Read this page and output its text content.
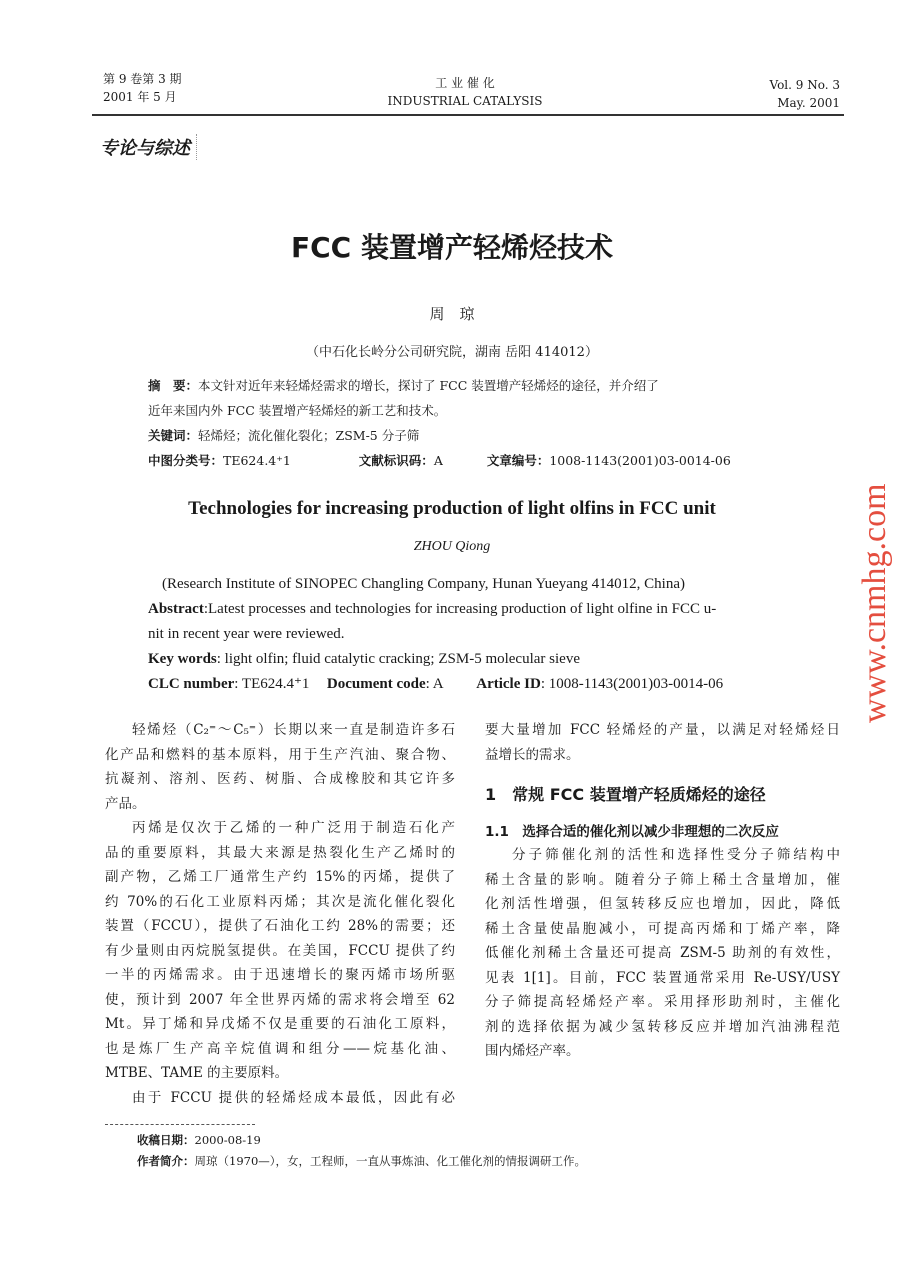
第 9 卷第 3 期
2001 年 5 月
工 业 催 化
INDUSTRIAL CATALYSIS
Vol. 9 No. 3
May. 2001
专论与综述
FCC 装置增产轻烯烃技术
周　琼
（中石化长岭分公司研究院，湖南 岳阳 414012）
摘　要：本文针对近年来轻烯烃需求的增长，探讨了 FCC 装置增产轻烯烃的途径，并介绍了
近年来国内外 FCC 装置增产轻烯烃的新工艺和技术。
关键词：轻烯烃；流化催化裂化；ZSM-5 分子筛
中图分类号：TE624.4⁺1	文献标识码：A	文章编号：1008-1143(2001)03-0014-06
Technologies for increasing production of light olfins in FCC unit
ZHOU Qiong
(Research Institute of SINOPEC Changling Company, Hunan Yueyang 414012, China)
Abstract:Latest processes and technologies for increasing production of light olfine in FCC u-
nit in recent year were reviewed.
Key words: light olfin; fluid catalytic cracking; ZSM-5 molecular sieve
CLC number: TE624.4⁺1 Document code: A Article ID: 1008-1143(2001)03-0014-06	www.cnmhg.com
轻烯烃（C₂⁼～C₅⁼）长期以来一直是制造许多石
化产品和燃料的基本原料，用于生产汽油、聚合物、
抗凝剂、溶剂、医药、树脂、合成橡胶和其它许多
产品。
丙烯是仅次于乙烯的一种广泛用于制造石化产
品的重要原料，其最大来源是热裂化生产乙烯时的
副产物，乙烯工厂通常生产约 15%的丙烯，提供了
约 70%的石化工业原料丙烯；其次是流化催化裂化
装置（FCCU），提供了石油化工约 28%的需要；还
有少量则由丙烷脱氢提供。在美国，FCCU 提供了约
一半的丙烯需求。由于迅速增长的聚丙烯市场所驱
使，预计到 2007 年全世界丙烯的需求将会增至 62
Mt。异丁烯和异戊烯不仅是重要的石油化工原料，
也是炼厂生产高辛烷值调和组分——烷基化油、
MTBE、TAME 的主要原料。
由于 FCCU 提供的轻烯烃成本最低，因此有必
要大量增加 FCC 轻烯烃的产量，以满足对轻烯烃日
益增长的需求。
1　常规 FCC 装置增产轻质烯烃的途径
1.1　选择合适的催化剂以减少非理想的二次反应
分子筛催化剂的活性和选择性受分子筛结构中
稀土含量的影响。随着分子筛上稀土含量增加，催
化剂活性增强，但氢转移反应也增加，因此，降低
稀土含量使晶胞减小，可提高丙烯和丁烯产率，降
低催化剂稀土含量还可提高 ZSM-5 助剂的有效性，
见表 1[1]。目前，FCC 装置通常采用 Re-USY/USY
分子筛提高轻烯烃产率。采用择形助剂时，主催化
剂的选择依据为减少氢转移反应并增加汽油沸程范
围内烯烃产率。
收稿日期：2000-08-19
作者简介：周琼（1970—），女，工程师，一直从事炼油、化工催化剂的情报调研工作。
